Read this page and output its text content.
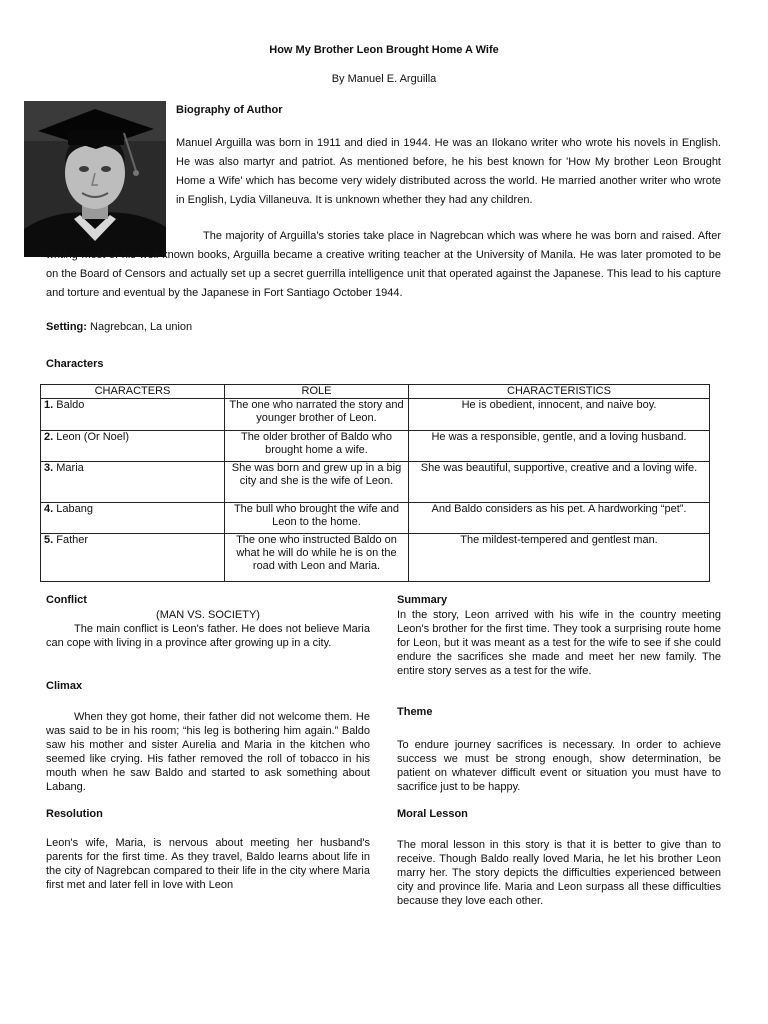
How My Brother Leon Brought Home A Wife
By Manuel E. Arguilla
Biography of Author
Manuel Arguilla was born in 1911 and died in 1944. He was an Ilokano writer who wrote his novels in English. He was also martyr and patriot. As mentioned before, he his best known for 'How My brother Leon Brought Home a Wife' which has become very widely distributed across the world. He married another writer who wrote in English, Lydia Villaneuva. It is unknown whether they had any children.
The majority of Arguilla's stories take place in Nagrebcan which was where he was born and raised. After writing most of his well known books, Arguilla became a creative writing teacher at the University of Manila. He was later promoted to be on the Board of Censors and actually set up a secret guerrilla intelligence unit that operated against the Japanese. This lead to his capture and torture and eventual by the Japanese in Fort Santiago October 1944.
Setting: Nagrebcan, La union
Characters
CHARACTERS	ROLE	CHARACTERISTICS
1. Baldo	The one who narrated the story and younger brother of Leon.	He is obedient, innocent, and naive boy.
2. Leon (Or Noel)	The older brother of Baldo who brought home a wife.	He was a responsible, gentle, and a loving husband.
3. Maria	She was born and grew up in a big city and she is the wife of Leon.	She was beautiful, supportive, creative and a loving wife.
4. Labang	The bull who brought the wife and Leon to the home.	And Baldo considers as his pet. A hardworking “pet”.
5. Father	The one who instructed Baldo on what he will do while he is on the road with Leon and Maria.	The mildest-tempered and gentlest man.
Conflict
(MAN VS. SOCIETY)
The main conflict is Leon's father. He does not believe Maria can cope with living in a province after growing up in a city.
Climax
When they got home, their father did not welcome them. He was said to be in his room; “his leg is bothering him again.” Baldo saw his mother and sister Aurelia and Maria in the kitchen who seemed like crying. His father removed the roll of tobacco in his mouth when he saw Baldo and started to ask something about Labang.
Resolution
Leon's wife, Maria, is nervous about meeting her husband's parents for the first time. As they travel, Baldo learns about life in the city of Nagrebcan compared to their life in the city where Maria first met and later fell in love with Leon
Summary
In the story, Leon arrived with his wife in the country meeting Leon's brother for the first time. They took a surprising route home for Leon, but it was meant as a test for the wife to see if she could endure the sacrifices she made and meet her new family. The entire story serves as a test for the wife.
Theme
To endure journey sacrifices is necessary. In order to achieve success we must be strong enough, show determination, be patient on whatever difficult event or situation you must have to sacrifice just to be happy.
Moral Lesson
The moral lesson in this story is that it is better to give than to receive. Though Baldo really loved Maria, he let his brother Leon marry her. The story depicts the difficulties experienced between city and province life. Maria and Leon surpass all these difficulties because they love each other.
